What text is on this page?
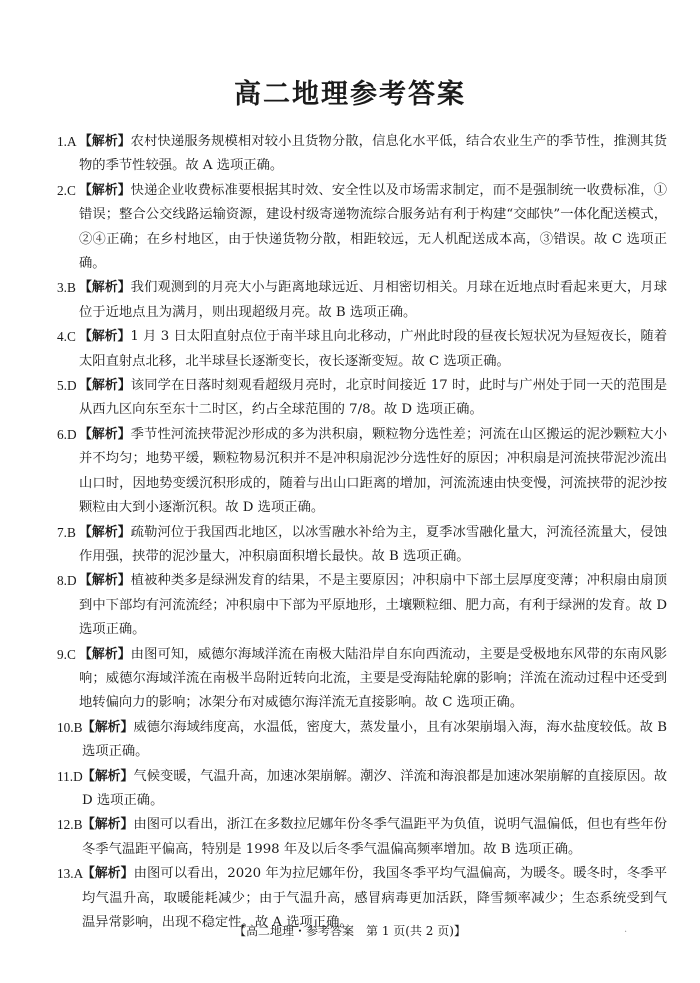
高二地理参考答案
1.A 【解析】农村快递服务规模相对较小且货物分散，信息化水平低，结合农业生产的季节性，推测其货物的季节性较强。故 A 选项正确。
2.C 【解析】快递企业收费标准要根据其时效、安全性以及市场需求制定，而不是强制统一收费标准，①错误；整合公交线路运输资源，建设村级寄递物流综合服务站有利于构建“交邮快”一体化配送模式，②④正确；在乡村地区，由于快递货物分散，相距较远，无人机配送成本高，③错误。故 C 选项正确。
3.B 【解析】我们观测到的月亮大小与距离地球远近、月相密切相关。月球在近地点时看起来更大，月球位于近地点且为满月，则出现超级月亮。故 B 选项正确。
4.C 【解析】1 月 3 日太阳直射点位于南半球且向北移动，广州此时段的昼夜长短状况为昼短夜长，随着太阳直射点北移，北半球昼长逐渐变长，夜长逐渐变短。故 C 选项正确。
5.D 【解析】该同学在日落时刻观看超级月亮时，北京时间接近 17 时，此时与广州处于同一天的范围是从西九区向东至东十二时区，约占全球范围的 7/8。故 D 选项正确。
6.D 【解析】季节性河流挟带泥沙形成的多为洪积扇，颗粒物分选性差；河流在山区搬运的泥沙颗粒大小并不均匀；地势平缓，颗粒物易沉积并不是冲积扇泥沙分选性好的原因；冲积扇是河流挟带泥沙流出山口时，因地势变缓沉积形成的，随着与出山口距离的增加，河流流速由快变慢，河流挟带的泥沙按颗粒由大到小逐渐沉积。故 D 选项正确。
7.B 【解析】疏勒河位于我国西北地区，以冰雪融水补给为主，夏季冰雪融化量大，河流径流量大，侵蚀作用强，挟带的泥沙量大，冲积扇面积增长最快。故 B 选项正确。
8.D 【解析】植被种类多是绿洲发育的结果，不是主要原因；冲积扇中下部土层厚度变薄；冲积扇由扇顶到中下部均有河流流经；冲积扇中下部为平原地形，土壤颗粒细、肥力高，有利于绿洲的发育。故 D 选项正确。
9.C 【解析】由图可知，威德尔海域洋流在南极大陆沿岸自东向西流动，主要是受极地东风带的东南风影响；威德尔海域洋流在南极半岛附近转向北流，主要是受海陆轮廓的影响；洋流在流动过程中还受到地转偏向力的影响；冰架分布对威德尔海洋流无直接影响。故 C 选项正确。
10.B 【解析】威德尔海域纬度高，水温低，密度大，蒸发量小，且有冰架崩塌入海，海水盐度较低。故 B 选项正确。
11.D 【解析】气候变暖，气温升高，加速冰架崩解。潮汐、洋流和海浪都是加速冰架崩解的直接原因。故 D 选项正确。
12.B 【解析】由图可以看出，浙江在多数拉尼娜年份冬季气温距平为负值，说明气温偏低，但也有些年份冬季气温距平偏高，特别是 1998 年及以后冬季气温偏高频率增加。故 B 选项正确。
13.A
【解析】由图可以看出，2020 年为拉尼娜年份，我国冬季平均气温偏高，为暖冬。暖冬时，冬季平均气温升高，取暖能耗减少；由于气温升高，感冒病毒更加活跃，降雪频率减少；生态系统受到气温异常影响，出现不稳定性。故 A 选项正确。
【高二地理・参考答案　第 1 页(共 2 页)】	.
